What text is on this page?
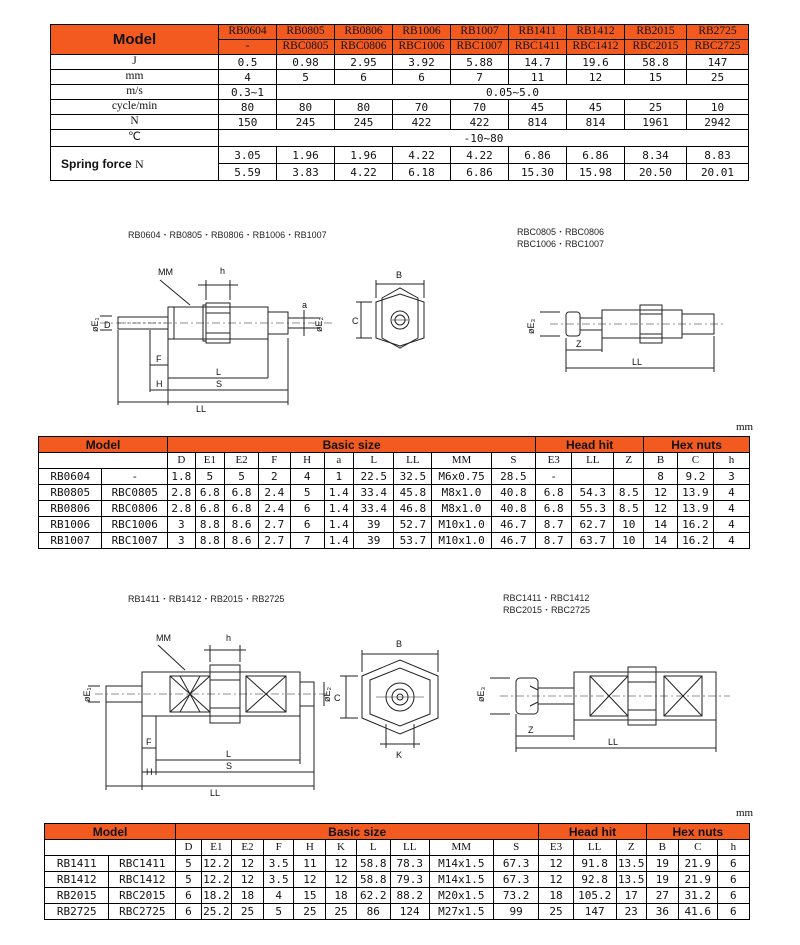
Model	RB0604	RB0805	RB0806	RB1006	RB1007	RB1411	RB1412	RB2015	RB2725
	-	RBC0805	RBC0806	RBC1006	RBC1007	RBC1411	RBC1412	RBC2015	RBC2725
J	0.5	0.98	2.95	3.92	5.88	14.7	19.6	58.8	147
mm	4	5	6	6	7	11	12	15	25
m/s	0.3~1	0.05~5.0							
cycle/min	80	80	80	70	70	45	45	25	10
N	150	245	245	422	422	814	814	1961	2942
℃	-10~80								
Spring force N	3.05	1.96	1.96	4.22	4.22	6.86	6.86	8.34	8.83
	5.59	3.83	4.22	6.18	6.86	15.30	15.98	20.50	20.01
RB0604・RB0805・RB0806・RB1006・RB1007	RBC0805・RBC0806
RBC1006・RBC1007
MM	h
øE₁ D	øE₂
a
L
F
H	S
LL
B
C	øE₃
Z
LL
mm
Model		Basic size										Head hit			Hex nuts		
		D	E1	E2	F	H	a	L	LL	MM	S	E3	LL	Z	B	C	h
RB0604	-	1.8	5	5	2	4	1	22.5	32.5	M6x0.75	28.5	-			8	9.2	3
RB0805	RBC0805	2.8	6.8	6.8	2.4	5	1.4	33.4	45.8	M8x1.0	40.8	6.8	54.3	8.5	12	13.9	4
RB0806	RBC0806	2.8	6.8	6.8	2.4	6	1.4	33.4	46.8	M8x1.0	40.8	6.8	55.3	8.5	12	13.9	4
RB1006	RBC1006	3	8.8	8.6	2.7	6	1.4	39	52.7	M10x1.0	46.7	8.7	62.7	10	14	16.2	4
RB1007	RBC1007	3	8.8	8.6	2.7	7	1.4	39	53.7	M10x1.0	46.7	8.7	63.7	10	14	16.2	4
RB1411・RB1412・RB2015・RB2725	RBC1411・RBC1412
RBC2015・RBC2725
MM	h
øE₁	øE₂
L
F
H
S
LL
B
C
K
øE₃
Z
LL
mm
Model		Basic size										Head hit			Hex nuts		
		D	E1	E2	F	H	K	L	LL	MM	S	E3	LL	Z	B	C	h
RB1411	RBC1411	5	12.2	12	3.5	11	12	58.8	78.3	M14x1.5	67.3	12	91.8	13.5	19	21.9	6
RB1412	RBC1412	5	12.2	12	3.5	12	12	58.8	79.3	M14x1.5	67.3	12	92.8	13.5	19	21.9	6
RB2015	RBC2015	6	18.2	18	4	15	18	62.2	88.2	M20x1.5	73.2	18	105.2	17	27	31.2	6
RB2725	RBC2725	6	25.2	25	5	25	25	86	124	M27x1.5	99	25	147	23	36	41.6	6
